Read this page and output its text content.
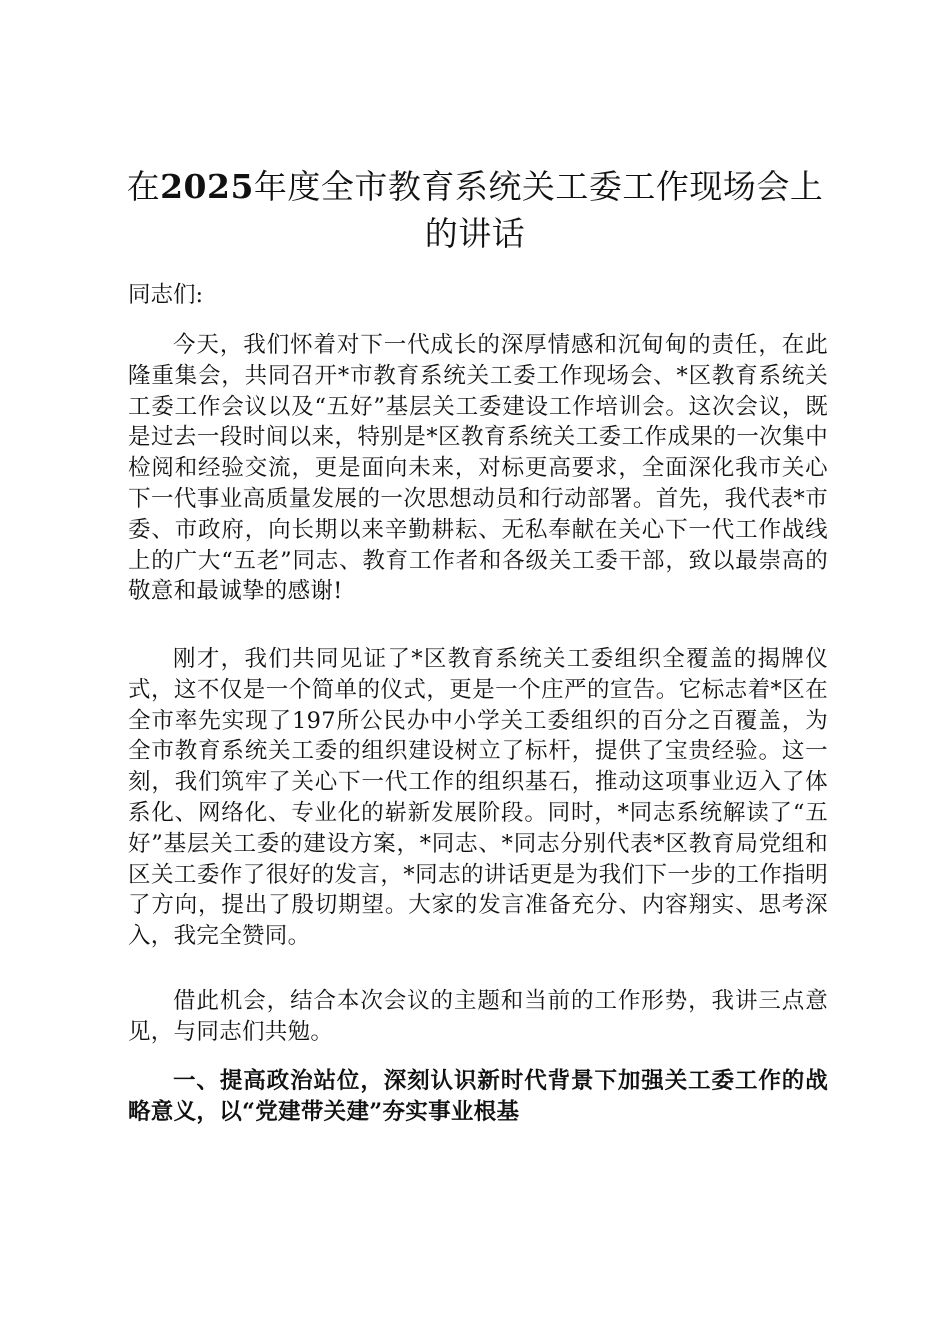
在2025年度全市教育系统关工委工作现场会上的讲话

同志们:

今天，我们怀着对下一代成长的深厚情感和沉甸甸的责任，在此隆重集会，共同召开*市教育系统关工委工作现场会、*区教育系统关工委工作会议以及“五好”基层关工委建设工作培训会。这次会议，既是过去一段时间以来，特别是*区教育系统关工委工作成果的一次集中检阅和经验交流，更是面向未来，对标更高要求，全面深化我市关心下一代事业高质量发展的一次思想动员和行动部署。首先，我代表*市委、市政府，向长期以来辛勤耕耘、无私奉献在关心下一代工作战线上的广大“五老”同志、教育工作者和各级关工委干部，致以最崇高的敬意和最诚挚的感谢!

刚才，我们共同见证了*区教育系统关工委组织全覆盖的揭牌仪式，这不仅是一个简单的仪式，更是一个庄严的宣告。它标志着*区在全市率先实现了197所公民办中小学关工委组织的百分之百覆盖，为全市教育系统关工委的组织建设树立了标杆，提供了宝贵经验。这一刻，我们筑牢了关心下一代工作的组织基石，推动这项事业迈入了体系化、网络化、专业化的崭新发展阶段。同时，*同志系统解读了“五好”基层关工委的建设方案，*同志、*同志分别代表*区教育局党组和区关工委作了很好的发言，*同志的讲话更是为我们下一步的工作指明了方向，提出了殷切期望。大家的发言准备充分、内容翔实、思考深入，我完全赞同。

借此机会，结合本次会议的主题和当前的工作形势，我讲三点意见，与同志们共勉。

一、提高政治站位，深刻认识新时代背景下加强关工委工作的战略意义，以“党建带关建”夯实事业根基
